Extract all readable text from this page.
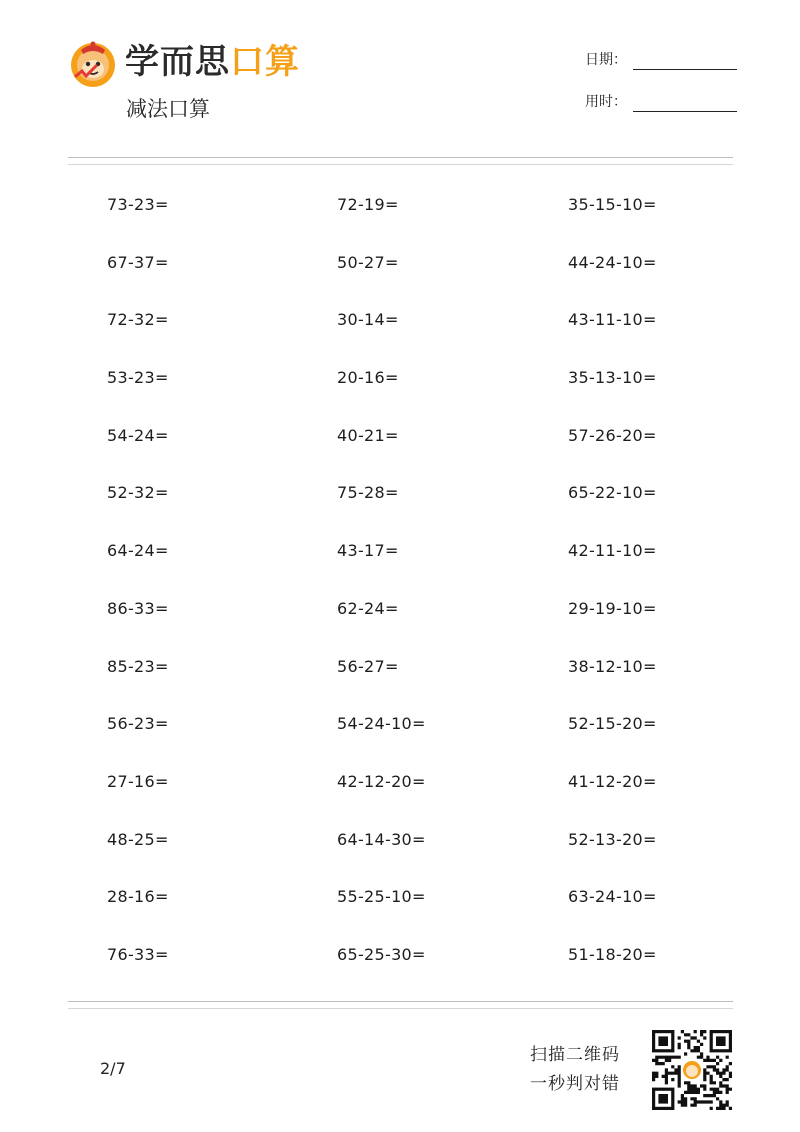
学而思口算
减法口算
日期：
用时：
73-23=	72-19=	35-15-10=
67-37=	50-27=	44-24-10=
72-32=	30-14=	43-11-10=
53-23=	20-16=	35-13-10=
54-24=	40-21=	57-26-20=
52-32=	75-28=	65-22-10=
64-24=	43-17=	42-11-10=
86-33=	62-24=	29-19-10=
85-23=	56-27=	38-12-10=
56-23=	54-24-10=	52-15-20=
27-16=	42-12-20=	41-12-20=
48-25=	64-14-30=	52-13-20=
28-16=	55-25-10=	63-24-10=
76-33=	65-25-30=	51-18-20=
2/7
扫描二维码
一秒判对错
